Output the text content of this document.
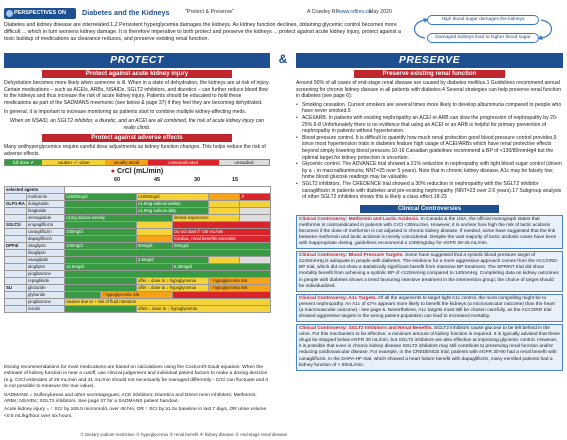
PERSPECTIVES ON	Diabetes and the Kidneys	"Protect & Preserve"	A Crawley RP www.rxfiles.ca
May 2020
Diabetes and kidney disease are interrelated.1,2 Persistent hyperglycemia damages the kidneys. As kidney function declines, obtaining glycemic control becomes more difficult ... which in turn worsens kidney damage. It is therefore imperative to both protect and preserve the kidneys ... protect against acute kidney injury, protect against a toxic buildup of medications as clearance reduces, and preserve existing renal function.
High blood sugar damages the kidneys
Damaged kidneys lead to higher blood sugar
PROTECT	&	PRESERVE
Protect against acute kidney injury

Dehydration becomes more likely when someone is ill. When in a state of dehydration, the kidneys are at risk of injury. Certain medications – such as ACEIs, ARBs, NSAIDs, SGLT2 inhibitors, and diuretics – can further reduce blood flow to the kidneys and thus increase the risk of acute kidney injury. Patients should be educated to hold these medications as part of the SADMANS mnemonic (see below & page 37) if they feel they are becoming dehydrated.

In general, it is important to increase monitoring as patients start to combine multiple kidney-affecting meds.

When on NSAID, an SGLT2 inhibitor, a diuretic, and an ACEI are all combined, the risk of acute kidney injury can really climb.

Protect against adverse effects

Many antihyperglycemics require careful dose adjustments as kidney function changes. This helps reduce the risk of adverse effects.

full dose ✔	caution –/ ↓dose	usually avoid	contraindicated	unstudied
● CrCl (mL/min)
60	45	30	15
selected agents							
	metformin	≤2000mg/d		≤1000mg/d			✗
GLP1-RA	dulaglutide			≤1.5mg subcut weekly			
	liraglutide			≤1.8mg subcut daily			
	semaglutide	≤1mg subcut weekly			limited experience		
SGLT2i	empagliflozin						
	canagliflozin	100mg/d			Do not start if <30 mL/min		
	dapagliflozin				Cardiac, renal benefits uncertain		
DPP4i	sitagliptin	100mg/d		50mg/d	25mg/d		
	linagliptin						
	saxagliptin			2.5mg/d			
	alogliptin	12.5mg/d			6.25mg/d		
	pioglitazone						
	repaglinide			offer ↓ dose to ↓ hypoglycemia		↑ hypoglycemia risk	
SU	gliclazide			offer ↓ dose to ↓ hypoglycemia		↑ hypoglycemia risk	
	glyburide		↑ hypoglycemia risk				
	pioglitazone	caution due to ↑ risk of fluid retention					
	insulin			often ↓ dose to ↓ hypoglycemia			

Dosing recommendations for most medications are based on calculations using the Cockcroft-Gault equation. When the estimate of kidney function is near a cutoff, use clinical judgement and individual patient factors to make a dosing decision (e.g. CrCl estimates of 29 mL/min and 31 mL/min should not necessarily be managed differently - CrCl can fluctuate and it is not possible to measure the true value).

SADMANS = Sulfonylureas and other secretagogues; ACE inhibitors; Diuretics and Direct renin inhibitors; Metformin; ARBs; NSAIDs; SGLT2 inhibitors. See page 37 for a SADMANS patient handout.

Acute kidney injury = ↑ SCr by ≥26.5 micromol/L over 48 hrs, OR ↑ SCr by ≥1.5x baseline in last 7 days, OR urine volume <0.5 mL/kg/hour over six hours.

① Dietary sodium restriction ② hypoglycemia ③ renal benefit ④ kidney disease ⑤ end-stage renal disease
Preserve existing renal function

Around 50% of all cases of end-stage renal disease are caused by diabetes mellitus.1 Guidelines recommend annual screening for chronic kidney disease in all patients with diabetes.4 Several strategies can help preserve renal function in diabetes (see page 6):

• Smoking cessation. Current smokers are several times more likely to develop albuminuria compared to people who have never smoked.5
• ACEI/ARB. In patients with existing nephropathy an ACEI or ARB can slow the progression of nephropathy by 20-25%.6-8 Unfortunately there is no evidence that using an ACEI or an ARB is helpful for primary prevention of nephropathy in patients without hypertension.
• Blood pressure control. It is difficult to quantify how much renal protection good blood pressure control provides,9 since most hypertension trials in diabetes feature high usage of ACEI/ARBs which have renal protective effects beyond simply lowering blood pressure.10-16 Canadian guidelines recommend a BP of <130/80mmHg4 but the optimal target for kidney protection is uncertain.
• Glycemic control. The ADVANCE trial showed a 21% reduction in nephropathy with tight blood sugar control (driven by a ↓ in macroalbuminuria; NNT=25 over 5 years). Note that in chronic kidney disease, A1c may be falsely low; home blood glucose readings may be valuable.
• SGLT2 inhibitors. The CREDENCE trial showed a 30% reduction in nephropathy with the SGLT2 inhibitor canagliflozin in patients with diabetes and pre-existing nephropathy (NNT=23 over 2.6 years).17 Subgroup analysis of other SGLT2 inhibitors shows this is likely a class effect.18-23
Clinical Controversies
Clinical Controversy: Metformin and Lactic Acidosis. In Canada & the USA, the official monograph states that metformin is contraindicated in patients with CrCl <30mL/min. However, it is unclear how high the risk of lactic acidosis becomes if the dose of metformin is not adjusted in chronic kidney disease. If needed, some have suggested that the link between metformin and lactic acidosis is merely coincidental. Despite the vast majority of lactic acidosis cases have been with inappropriate dosing, guidelines recommend ≤ 1000mg/day for eGFR 30-45 mL/min.
Clinical Controversy: Blood Pressure Targets. Some have suggested that a systolic blood pressure target of ≤140mmHg is adequate in people with diabetes. The evidence for a more aggressive approach comes from the ACCORD-BP trial, which did not show a statistically significant benefit from intensive BP treatment. The SPRINT trial did show mortality benefit from achieving a systolic BP of <120mmHg compared to 140mmHg. Completing data on kidney outcomes in people with diabetes shows a trend favouring intensive treatment in the intervention group; the choice of target should be individualized.
Clinical Controversy: A1c Targets. Of all the arguments to target tight A1c control, the most compelling might be to prevent nephropathy. An A1c of ≤7% appears more likely to benefit the kidneys (a microvascular outcome) than the heart (a macrovascular outcome) - see page 5. Nevertheless, A1c targets must still be chosen carefully, as the ACCORD trial showed aggressive targets in the wrong patient population can lead to increased mortality.
Clinical Controversy: SGLT2 Inhibitors and Renal Benefits. SGLT2 inhibitors cause glucose to be left behind in the urine. For this mechanism to be effective, a minimum amount of kidney function is required. It is typically advised that these drugs be stopped below eGFR 30 mL/min, but SGLT2 inhibitors are also effective at improving glycemic control. However, it is possible that even in chronic kidney disease SGLT2 inhibitors may still contribute to preserving renal function and/or reducing cardiovascular disease. For example, in the CREDENCE trial, patients with eGFR 30-90 had a renal benefit with canagliflozin. In the DAPA-HF trial, which showed a heart failure benefit with dapagliflozin, many enrolled patients had a kidney function of < 60mL/min.
